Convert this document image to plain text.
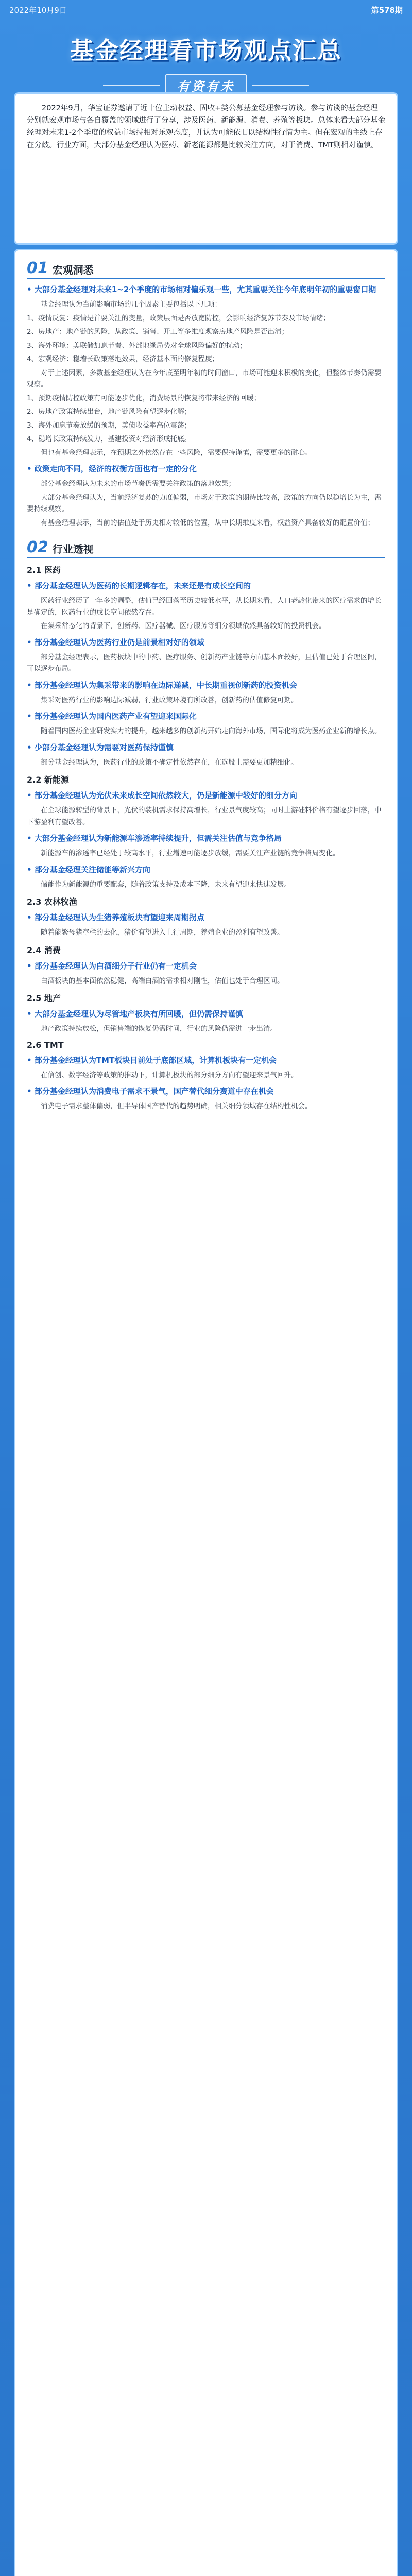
2022年10月9日	第578期
基金经理看市场观点汇总
有资有未

2022年9月，华宝证券邀请了近十位主动权益、固收+类公募基金经理参与访谈。参与访谈的基金经理分别就宏观市场与各自覆盖的领域进行了分享，涉及医药、新能源、消费、养殖等板块。总体来看大部分基金经理对未来1-2个季度的权益市场持相对乐观态度，并认为可能依旧以结构性行情为主。但在宏观的主线上存在分歧。行业方面，大部分基金经理认为医药、新老能源都是比较关注方向，对于消费、TMT则相对谨慎。

01 宏观洞悉
• 大部分基金经理对未来1~2个季度的市场相对偏乐观一些，尤其重要关注今年底明年初的重要窗口期

基金经理认为当前影响市场的几个因素主要包括以下几项：

1、疫情反复：疫情是首要关注的变量，政策层面是否放宽防控，会影响经济复苏节奏及市场情绪；

2、房地产：地产链的风险，从政策、销售、开工等多维度观察房地产风险是否出清；

3、海外环境：美联储加息节奏、外部地缘局势对全球风险偏好的扰动；

4、宏观经济：稳增长政策落地效果，经济基本面的修复程度；

对于上述因素，多数基金经理认为在今年底至明年初的时间窗口，市场可能迎来积极的变化，但整体节奏仍需要观察。

1、预期疫情防控政策有可能逐步优化，消费场景的恢复将带来经济的回暖；

2、房地产政策持续出台，地产链风险有望逐步化解；

3、海外加息节奏放缓的预期，美债收益率高位震荡；

4、稳增长政策持续发力，基建投资对经济形成托底。

但也有基金经理表示，在预期之外依然存在一些风险，需要保持谨慎，需要更多的耐心。

• 政策走向不同，经济的权衡方面也有一定的分化

部分基金经理认为未来的市场节奏仍需要关注政策的落地效果；

大部分基金经理认为，当前经济复苏的力度偏弱，市场对于政策的期待比较高，政策的方向仍以稳增长为主，需要持续观察。

有基金经理表示，当前的估值处于历史相对较低的位置，从中长期维度来看，权益资产具备较好的配置价值；

02 行业透视
2.1 医药
• 部分基金经理认为医药的长期逻辑存在，未来还是有成长空间的

医药行业经历了一年多的调整，估值已经回落至历史较低水平，从长期来看，人口老龄化带来的医疗需求的增长是确定的，医药行业的成长空间依然存在。

在集采常态化的背景下，创新药、医疗器械、医疗服务等细分领域依然具备较好的投资机会。

• 部分基金经理认为医药行业仍是前景相对好的领域

部分基金经理表示，医药板块中的中药、医疗服务、创新药产业链等方向基本面较好，且估值已处于合理区间，可以逐步布局。

• 部分基金经理认为集采带来的影响在边际递减，中长期重视创新药的投资机会

集采对医药行业的影响边际减弱，行业政策环境有所改善，创新药的估值修复可期。

• 部分基金经理认为国内医药产业有望迎来国际化

随着国内医药企业研发实力的提升，越来越多的创新药开始走向海外市场，国际化将成为医药企业新的增长点。

• 少部分基金经理认为需要对医药保持谨慎

部分基金经理认为，医药行业的政策不确定性依然存在，在选股上需要更加精细化。

2.2 新能源
• 部分基金经理认为光伏未来成长空间依然较大，仍是新能源中较好的细分方向

在全球能源转型的背景下，光伏的装机需求保持高增长，行业景气度较高；同时上游硅料价格有望逐步回落，中下游盈利有望改善。

• 大部分基金经理认为新能源车渗透率持续提升，但需关注估值与竞争格局

新能源车的渗透率已经处于较高水平，行业增速可能逐步放缓，需要关注产业链的竞争格局变化。

• 部分基金经理关注储能等新兴方向

储能作为新能源的重要配套，随着政策支持及成本下降，未来有望迎来快速发展。

2.3 农林牧渔
• 部分基金经理认为生猪养殖板块有望迎来周期拐点

随着能繁母猪存栏的去化，猪价有望进入上行周期，养殖企业的盈利有望改善。

2.4 消费
• 部分基金经理认为白酒细分子行业仍有一定机会

白酒板块的基本面依然稳健，高端白酒的需求相对刚性，估值也处于合理区间。

2.5 地产
• 大部分基金经理认为尽管地产板块有所回暖，但仍需保持谨慎

地产政策持续放松，但销售端的恢复仍需时间，行业的风险仍需进一步出清。

2.6 TMT
• 部分基金经理认为TMT板块目前处于底部区域，计算机板块有一定机会

在信创、数字经济等政策的推动下，计算机板块的部分细分方向有望迎来景气回升。

• 部分基金经理认为消费电子需求不景气，国产替代细分赛道中存在机会

消费电子需求整体偏弱，但半导体国产替代的趋势明确，相关细分领域存在结构性机会。
